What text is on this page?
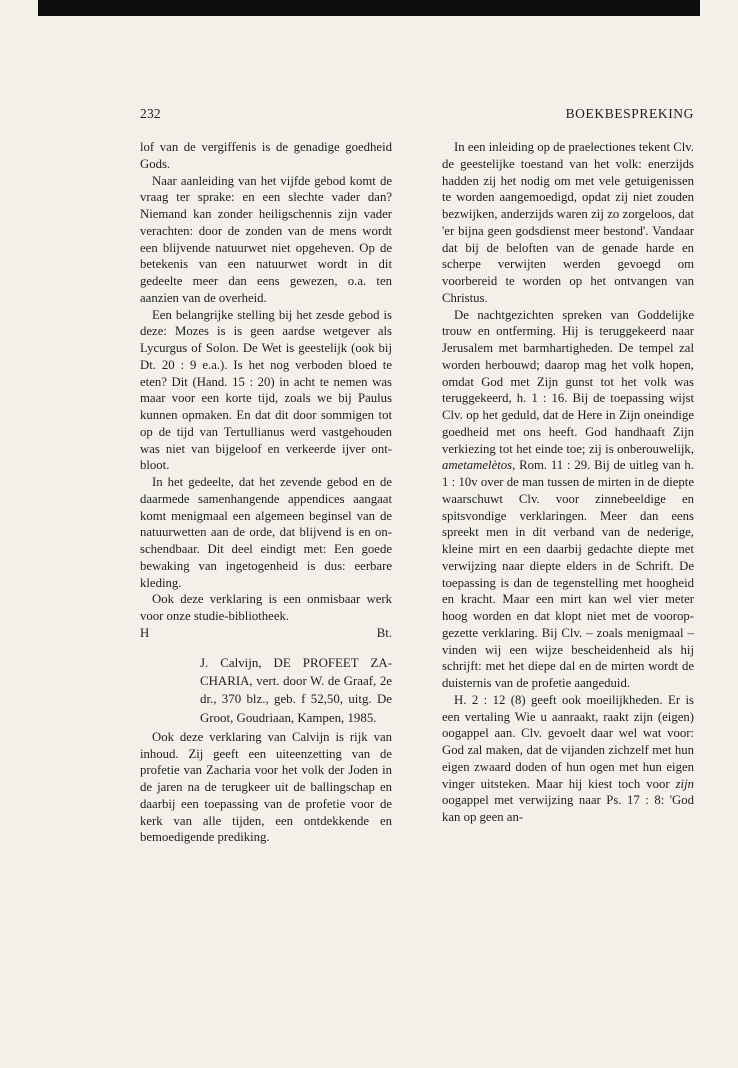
232	BOEKBESPREKING

lof van de vergiffenis is de genadige goedheid Gods.

Naar aanleiding van het vijfde gebod komt de vraag ter sprake: en een slechte vader dan? Niemand kan zonder heiligschennis zijn vader verachten: door de zonden van de mens wordt een blijvende natuurwet niet opgeheven. Op de betekenis van een natuurwet wordt in dit gedeelte meer dan eens gewezen, o.a. ten aanzien van de overheid.

Een belangrijke stelling bij het zesde gebod is deze: Mozes is is geen aardse wetgever als Lycurgus of Solon. De Wet is geestelijk (ook bij Dt. 20 : 9 e.a.). Is het nog verboden bloed te eten? Dit (Hand. 15 : 20) in acht te nemen was maar voor een korte tijd, zoals we bij Paulus kunnen opmaken. En dat dit door sommigen tot op de tijd van Tertullianus werd vastgehouden was niet van bijgeloof en verkeerde ijver ontbloot.

In het gedeelte, dat het zevende gebod en de daarmede samenhangende appendices aangaat komt menigmaal een algemeen beginsel van de natuurwetten aan de orde, dat blijvend is en onschendbaar. Dit deel eindigt met: Een goede bewaking van ingetogenheid is dus: eerbare kleding.

Ook deze verklaring is een onmisbaar werk voor onze studie-bibliotheek.

H	Bt.

J. Calvijn, DE PROFEET ZACHARIA, vert. door W. de Graaf, 2e dr., 370 blz., geb. f 52,50, uitg. De Groot, Goudriaan, Kampen, 1985.

Ook deze verklaring van Calvijn is rijk van inhoud. Zij geeft een uiteenzetting van de profetie van Zacharia voor het volk der Joden in de jaren na de terugkeer uit de ballingschap en daarbij een toepassing van de profetie voor de kerk van alle tijden, een ontdekkende en bemoedigende prediking.

In een inleiding op de praelectiones tekent Clv. de geestelijke toestand van het volk: enerzijds hadden zij het nodig om met vele getuigenissen te worden aangemoedigd, opdat zij niet zouden bezwijken, anderzijds waren zij zo zorgeloos, dat 'er bijna geen godsdienst meer bestond'. Vandaar dat bij de beloften van de genade harde en scherpe verwijten werden gevoegd om voorbereid te worden op het ontvangen van Christus.

De nachtgezichten spreken van Goddelijke trouw en ontferming. Hij is teruggekeerd naar Jerusalem met barmhartigheden. De tempel zal worden herbouwd; daarop mag het volk hopen, omdat God met Zijn gunst tot het volk was teruggekeerd, h. 1 : 16. Bij de toepassing wijst Clv. op het geduld, dat de Here in Zijn oneindige goedheid met ons heeft. God handhaaft Zijn verkiezing tot het einde toe; zij is onberouwelijk, ametamelètos, Rom. 11 : 29. Bij de uitleg van h. 1 : 10v over de man tussen de mirten in de diepte waarschuwt Clv. voor zinnebeeldige en spitsvondige verklaringen. Meer dan eens spreekt men in dit verband van de nederige, kleine mirt en een daarbij gedachte diepte met verwijzing naar diepte elders in de Schrift. De toepassing is dan de tegenstelling met hoogheid en kracht. Maar een mirt kan wel vier meter hoog worden en dat klopt niet met de vooropgezette verklaring. Bij Clv. – zoals menigmaal – vinden wij een wijze bescheidenheid als hij schrijft: met het diepe dal en de mirten wordt de duisternis van de profetie aangeduid.

H. 2 : 12 (8) geeft ook moeilijkheden. Er is een vertaling Wie u aanraakt, raakt zijn (eigen) oogappel aan. Clv. gevoelt daar wel wat voor: God zal maken, dat de vijanden zichzelf met hun eigen zwaard doden of hun ogen met hun eigen vinger uitsteken. Maar hij kiest toch voor zijn oogappel met verwijzing naar Ps. 17 : 8: 'God kan op geen an-
